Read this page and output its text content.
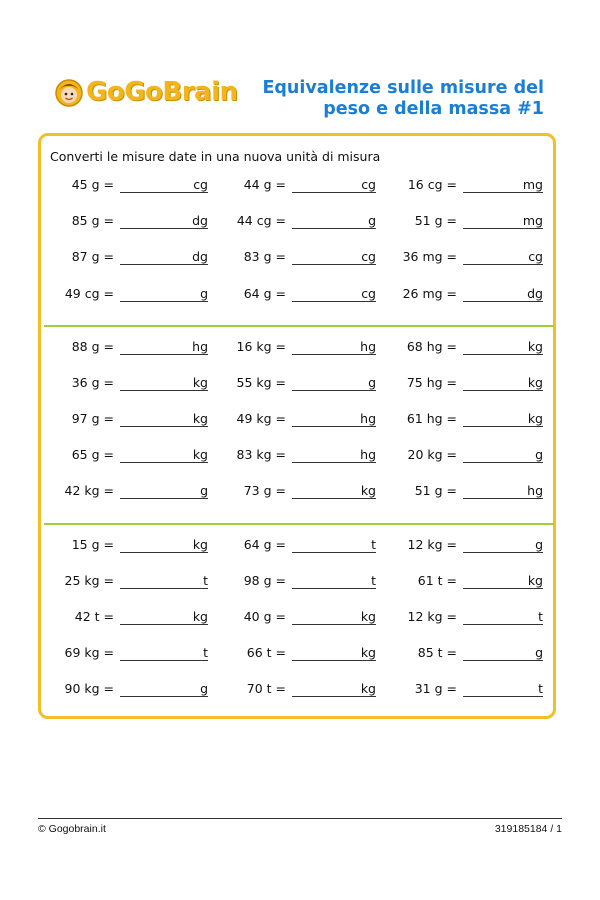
GoGoBrain	Equivalenze sulle misure del
peso e della massa #1
Converti le misure date in una nuova unità di misura
45 g =	cg	44 g =	cg	16 cg =	mg
85 g =	dg 44 cg =	g	51 g =	mg
87 g =	dg	83 g =	cg 36 mg =	cg
49 cg =	g	64 g =	cg 26 mg =	dg
88 g =	hg 16 kg =	hg 68 hg =	kg
36 g =	kg 55 kg =	g 75 hg =	kg
97 g =	kg 49 kg =	hg 61 hg =	kg
65 g =	kg 83 kg =	hg	20 kg =	g
42 kg =	g	73 g =	kg	51 g =	hg
15 g =	kg	64 g =	t	12 kg =	g
25 kg =	t	98 g =	t	61 t =	kg
42 t =	kg	40 g =	kg	12 kg =	t
69 kg =	t	66 t =	kg	85 t =	g
90 kg =	g	70 t =	kg	31 g =	t
© Gogobrain.it	319185184 / 1
